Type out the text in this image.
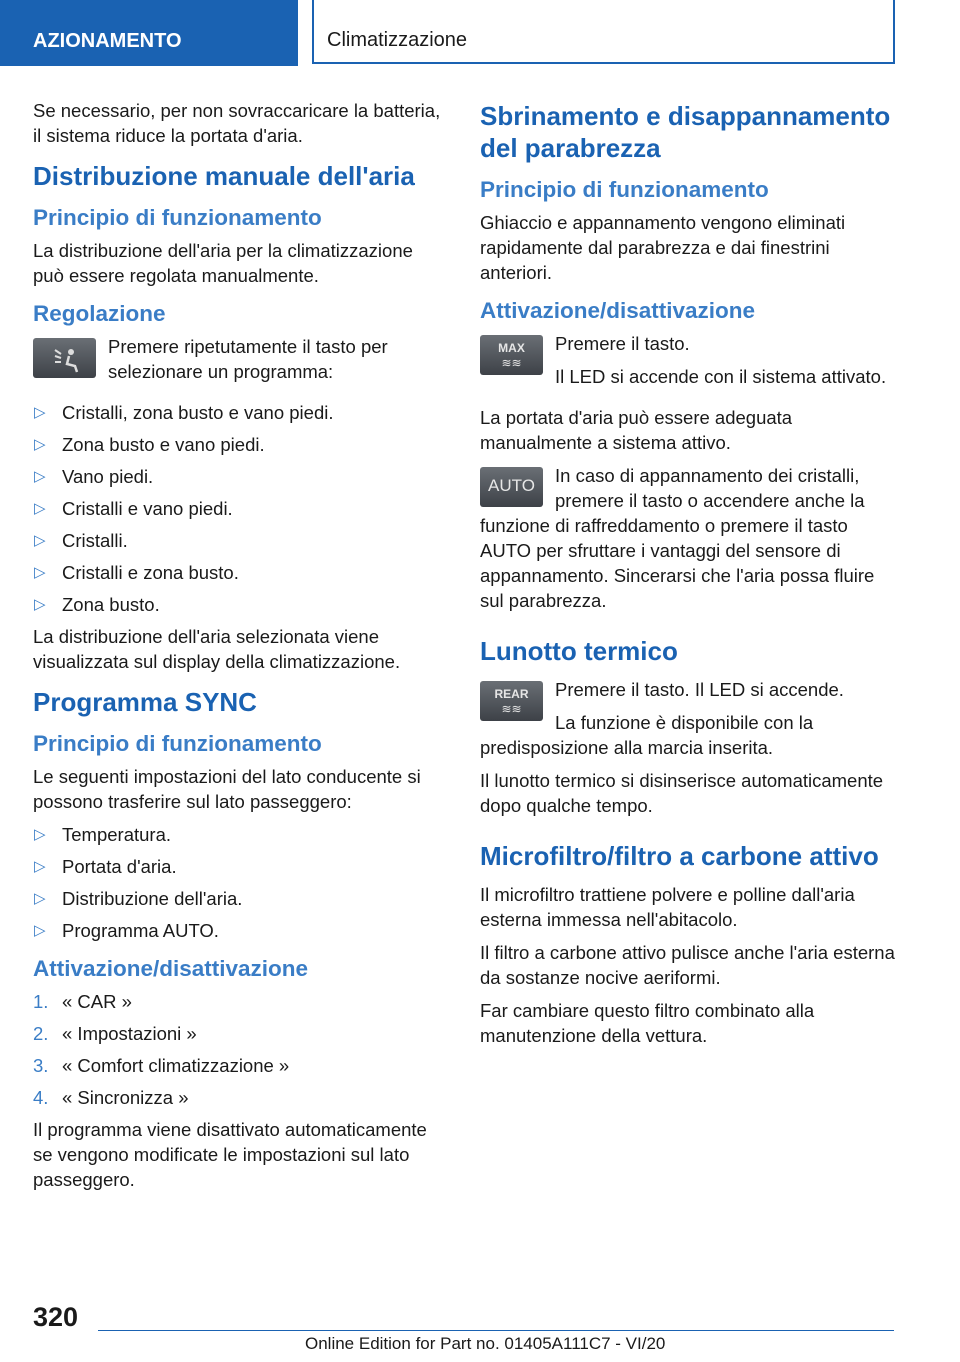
AZIONAMENTO	Climatizzazione

Se necessario, per non sovraccaricare la batteria, il sistema riduce la portata d'aria.

Distribuzione manuale dell'aria
Principio di funzionamento

La distribuzione dell'aria per la climatizzazione può essere regolata manualmente.

Regolazione

Premere ripetutamente il tasto per selezionare un programma:

▷ Cristalli, zona busto e vano piedi.
▷ Zona busto e vano piedi.
▷ Vano piedi.
▷ Cristalli e vano piedi.
▷ Cristalli.
▷ Cristalli e zona busto.
▷ Zona busto.

La distribuzione dell'aria selezionata viene visualizzata sul display della climatizzazione.

Programma SYNC
Principio di funzionamento

Le seguenti impostazioni del lato conducente si possono trasferire sul lato passeggero:

▷ Temperatura.
▷ Portata d'aria.
▷ Distribuzione dell'aria.
▷ Programma AUTO.
Attivazione/disattivazione
1. « CAR »
2. « Impostazioni »
3. « Comfort climatizzazione »
4. « Sincronizza »

Il programma viene disattivato automaticamente se vengono modificate le impostazioni sul lato passeggero.

Sbrinamento e disappannamento del parabrezza
Principio di funzionamento

Ghiaccio e appannamento vengono eliminati rapidamente dal parabrezza e dai finestrini anteriori.

Attivazione/disattivazione
MAX
≋≋

Premere il tasto.

Il LED si accende con il sistema attivato.

La portata d'aria può essere adeguata manualmente a sistema attivo.

AUTO	In caso di appannamento dei cristalli, premere il tasto o accendere anche la funzione di raffreddamento o premere il tasto AUTO per sfruttare i vantaggi del sensore di appannamento. Sincerarsi che l'aria possa fluire sul parabrezza.

Lunotto termico
REAR
≋≋

Premere il tasto. Il LED si accende.

La funzione è disponibile con la predisposizione alla marcia inserita.

Il lunotto termico si disinserisce automaticamente dopo qualche tempo.

Microfiltro/filtro a carbone attivo

Il microfiltro trattiene polvere e polline dall'aria esterna immessa nell'abitacolo.

Il filtro a carbone attivo pulisce anche l'aria esterna da sostanze nocive aeriformi.

Far cambiare questo filtro combinato alla manutenzione della vettura.

320
Online Edition for Part no. 01405A111C7 - VI/20
